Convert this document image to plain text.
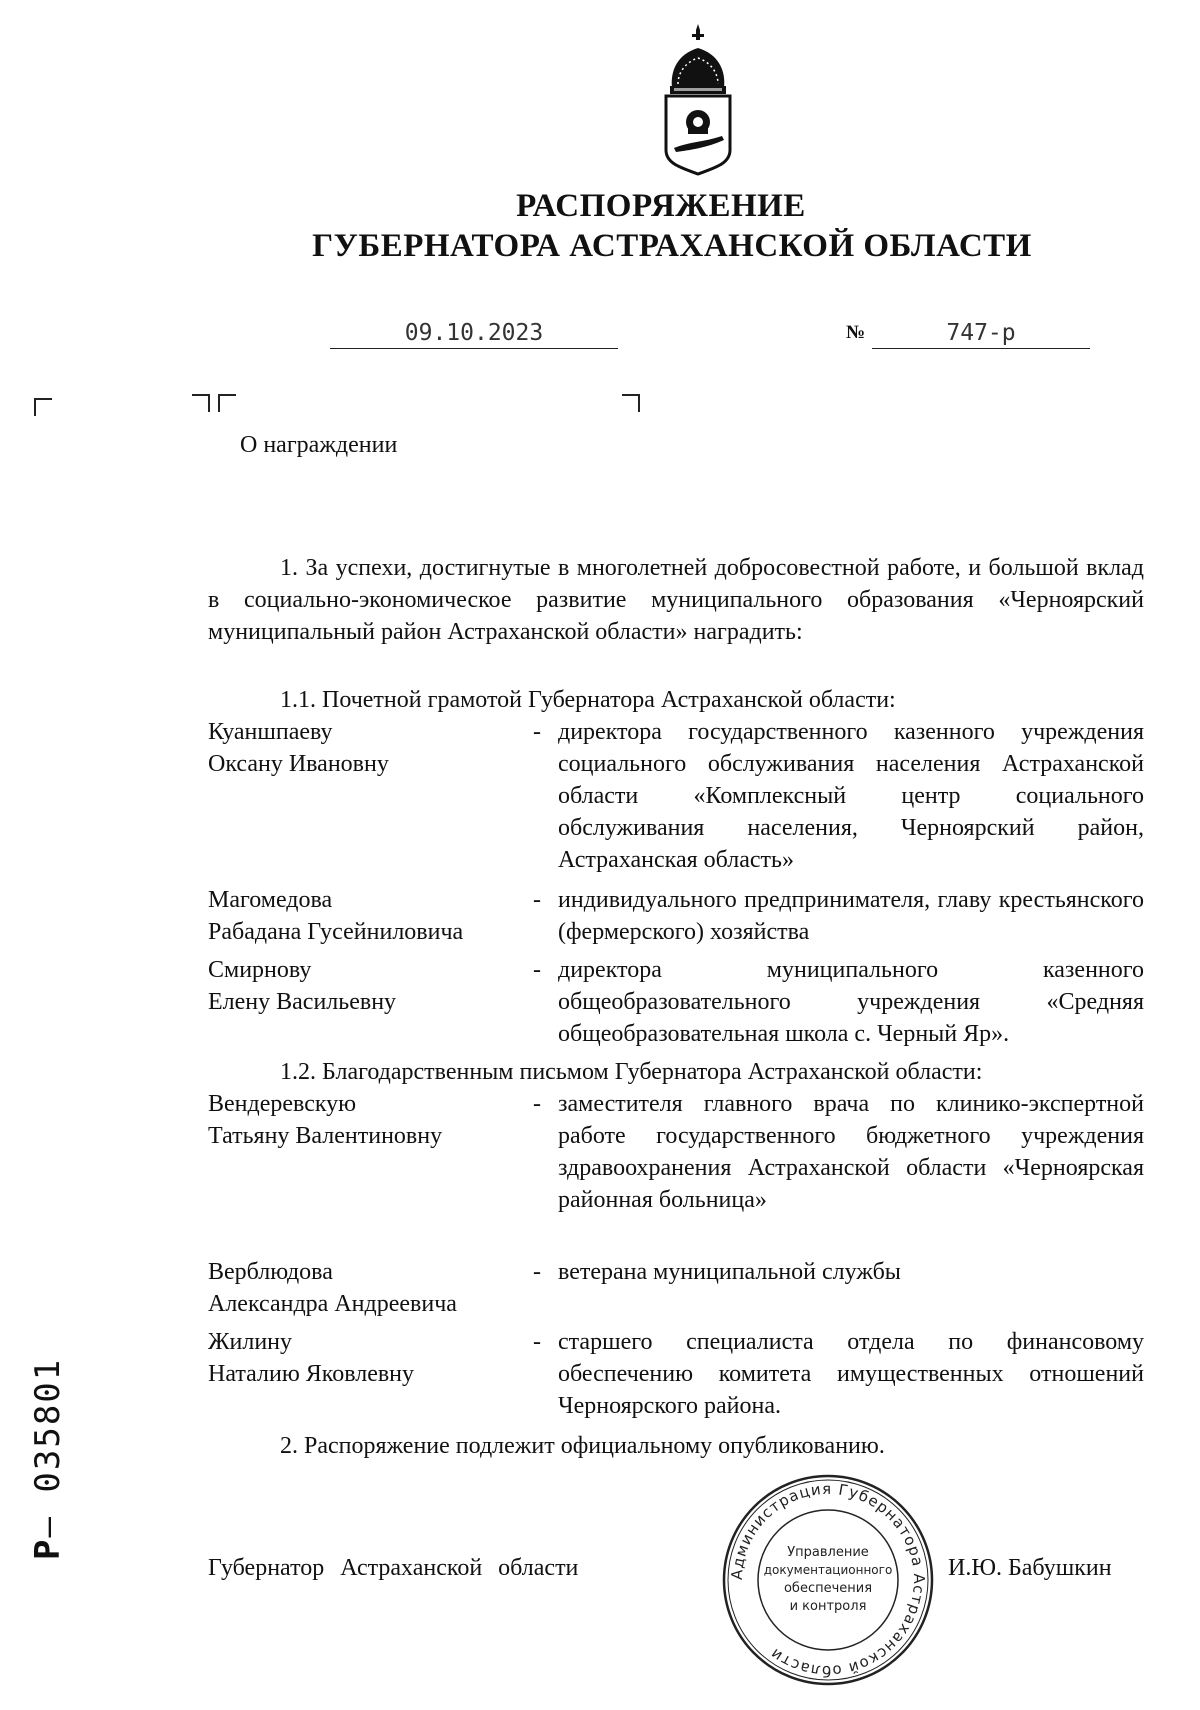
РАСПОРЯЖЕНИЕ
ГУБЕРНАТОРА АСТРАХАНСКОЙ ОБЛАСТИ
09.10.2023	№	747-р
О награждении
1. За успехи, достигнутые в многолетней добросовестной работе, и большой вклад в социально-экономическое развитие муниципального образования «Черноярский муниципальный район Астраханской области» наградить:
1.1. Почетной грамотой Губернатора Астраханской области:
Куаншпаеву
Оксану Ивановну
- директора государственного казенного учреждения социального обслуживания населения Астраханской области «Комплексный центр социального обслуживания населения, Черноярский район, Астраханская область»
Магомедова
Рабадана Гусейниловича
- индивидуального предпринимателя, главу крестьянского (фермерского) хозяйства
Смирнову
Елену Васильевну
- директора муниципального казенного общеобразовательного учреждения «Средняя общеобразовательная школа с. Черный Яр».
1.2. Благодарственным письмом Губернатора Астраханской области:
Вендеревскую
Татьяну Валентиновну
- заместителя главного врача по клинико-экспертной работе государственного бюджетного учреждения здравоохранения Астраханской области «Черноярская районная больница»
Верблюдова
Александра Андреевича
- ветерана муниципальной службы
Жилину
Наталию Яковлевну
- старшего специалиста отдела по финансовому обеспечению комитета имущественных отношений Черноярского района.
2. Распоряжение подлежит официальному опубликованию.
Губернатор Астраханской области	И.Ю. Бабушкин
Администрация Губернатора Астраханской области
Управление
документационного
обеспечения
и контроля
Р– 035801
